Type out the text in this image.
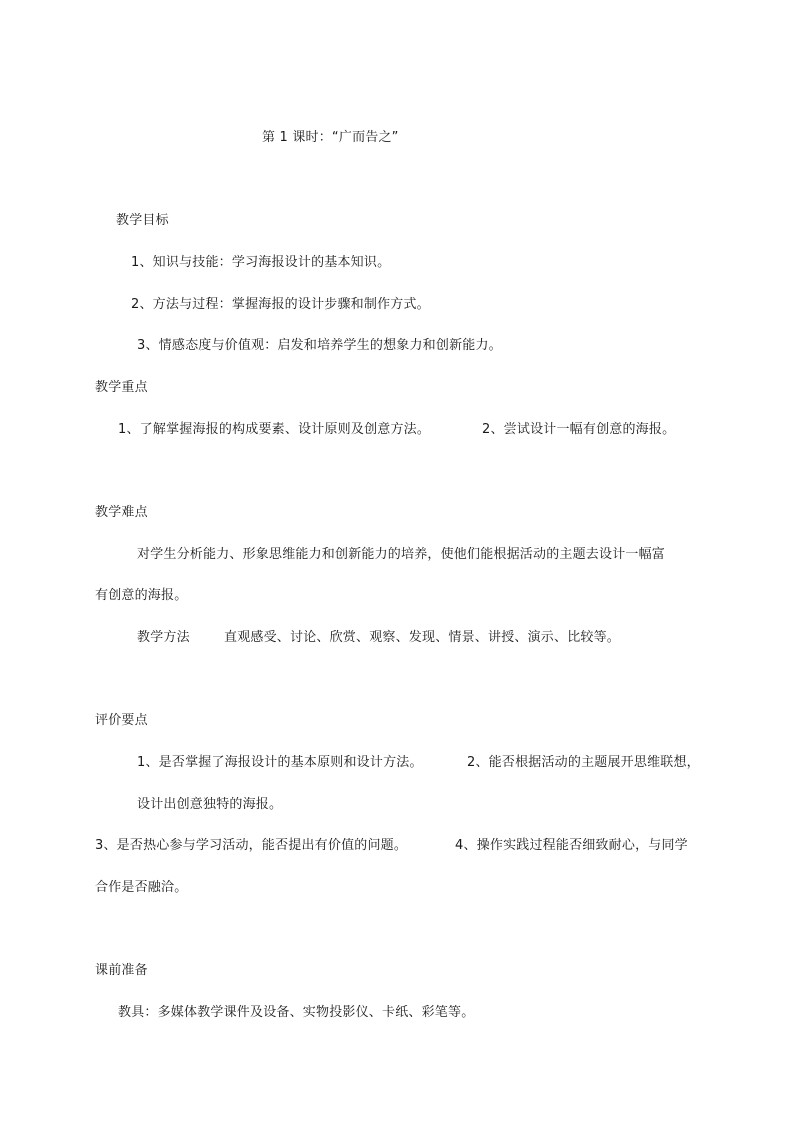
第 1 课时：“广而告之”
教学目标
1、知识与技能：学习海报设计的基本知识。
2、方法与过程：掌握海报的设计步骤和制作方式。
3、情感态度与价值观：启发和培养学生的想象力和创新能力。
教学重点
1、了解掌握海报的构成要素、设计原则及创意方法。	2、尝试设计一幅有创意的海报。
教学难点
对学生分析能力、形象思维能力和创新能力的培养，使他们能根据活动的主题去设计一幅富
有创意的海报。
教学方法	直观感受、讨论、欣赏、观察、发现、情景、讲授、演示、比较等。
评价要点
1、是否掌握了海报设计的基本原则和设计方法。	2、能否根据活动的主题展开思维联想，
设计出创意独特的海报。
3、是否热心参与学习活动，能否提出有价值的问题。	4、操作实践过程能否细致耐心，与同学
合作是否融洽。
课前准备
教具：多媒体教学课件及设备、实物投影仪、卡纸、彩笔等。
